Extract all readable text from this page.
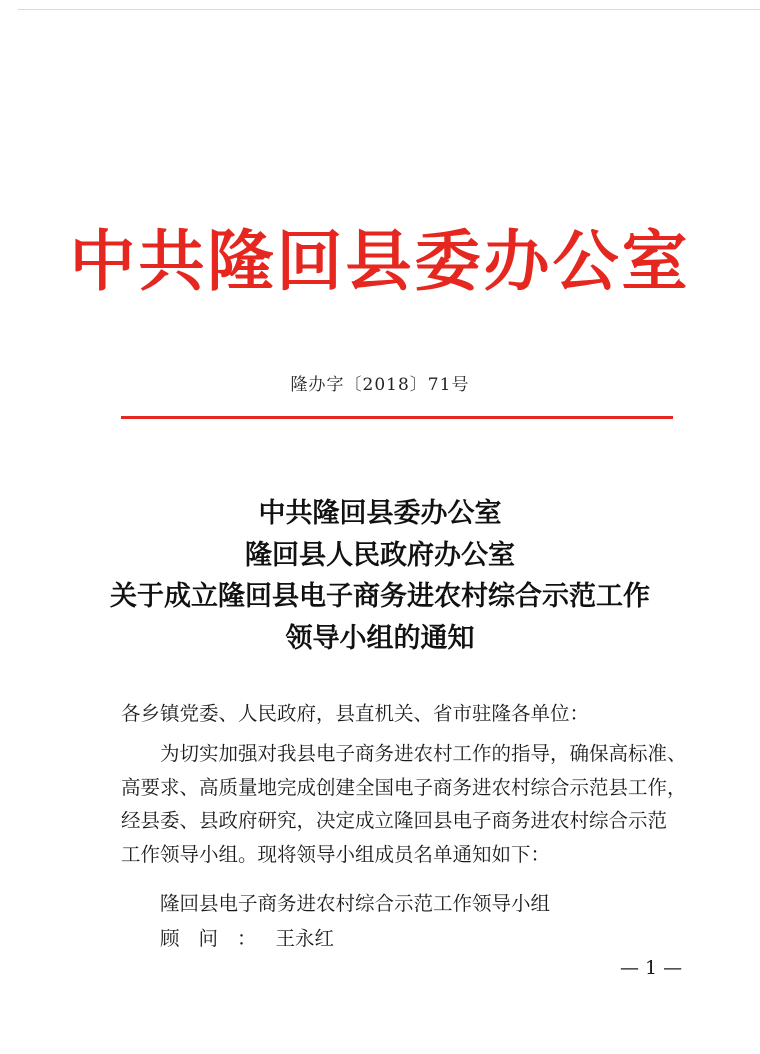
中共隆回县委办公室
隆办字〔2018〕71号
中共隆回县委办公室
隆回县人民政府办公室
关于成立隆回县电子商务进农村综合示范工作
领导小组的通知
各乡镇党委、人民政府，县直机关、省市驻隆各单位：

为切实加强对我县电子商务进农村工作的指导，确保高标准、

高要求、高质量地完成创建全国电子商务进农村综合示范县工作，

经县委、县政府研究，决定成立隆回县电子商务进农村综合示范

工作领导小组。现将领导小组成员名单通知如下：

隆回县电子商务进农村综合示范工作领导小组
顾问：王永红
— 1 —
